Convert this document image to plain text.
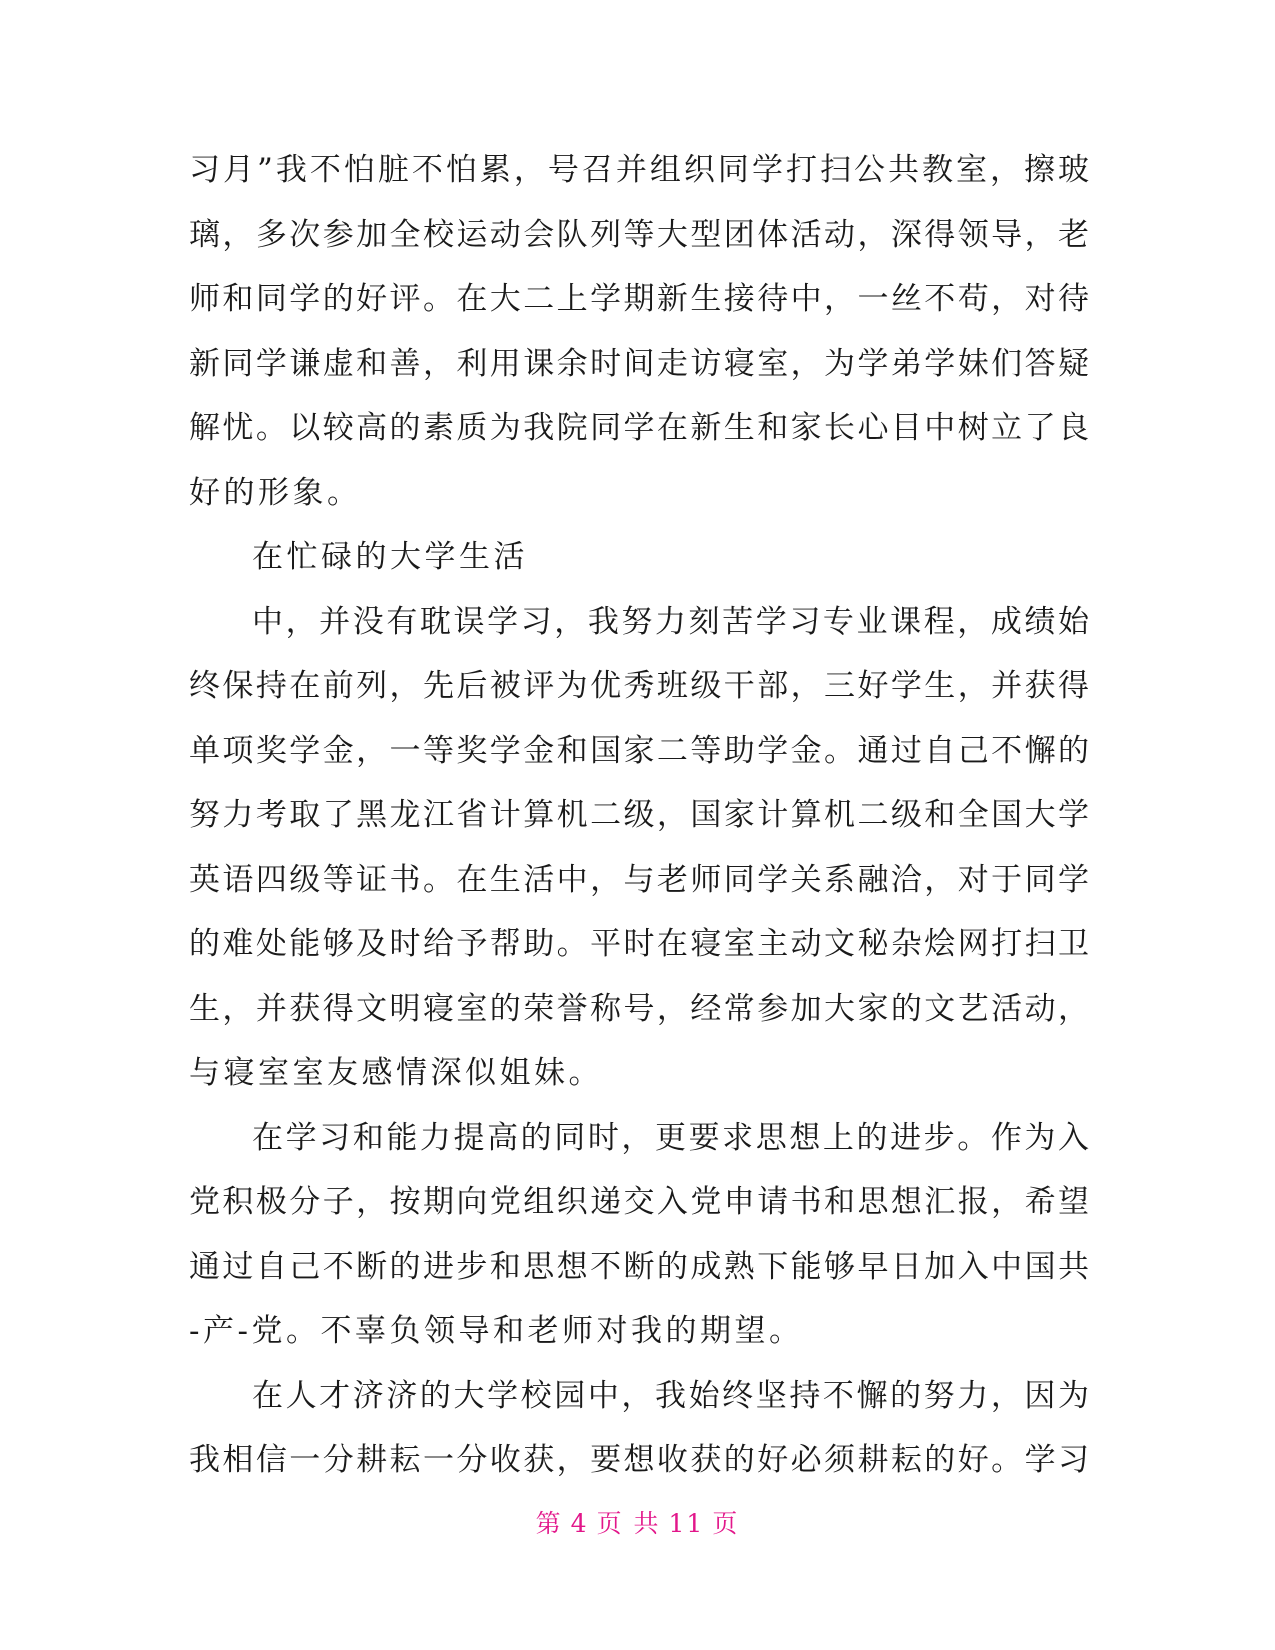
习月”我不怕脏不怕累，号召并组织同学打扫公共教室，擦玻
璃，多次参加全校运动会队列等大型团体活动，深得领导，老
师和同学的好评。在大二上学期新生接待中，一丝不苟，对待
新同学谦虚和善，利用课余时间走访寝室，为学弟学妹们答疑
解忧。以较高的素质为我院同学在新生和家长心目中树立了良
好的形象。
在忙碌的大学生活
中，并没有耽误学习，我努力刻苦学习专业课程，成绩始
终保持在前列，先后被评为优秀班级干部，三好学生，并获得
单项奖学金，一等奖学金和国家二等助学金。通过自己不懈的
努力考取了黑龙江省计算机二级，国家计算机二级和全国大学
英语四级等证书。在生活中，与老师同学关系融洽，对于同学
的难处能够及时给予帮助。平时在寝室主动文秘杂烩网打扫卫
生，并获得文明寝室的荣誉称号，经常参加大家的文艺活动，
与寝室室友感情深似姐妹。
在学习和能力提高的同时，更要求思想上的进步。作为入
党积极分子，按期向党组织递交入党申请书和思想汇报，希望
通过自己不断的进步和思想不断的成熟下能够早日加入中国共
-产-党。不辜负领导和老师对我的期望。
在人才济济的大学校园中，我始终坚持不懈的努力，因为
我相信一分耕耘一分收获，要想收获的好必须耕耘的好。学习
第 4 页 共 11 页
